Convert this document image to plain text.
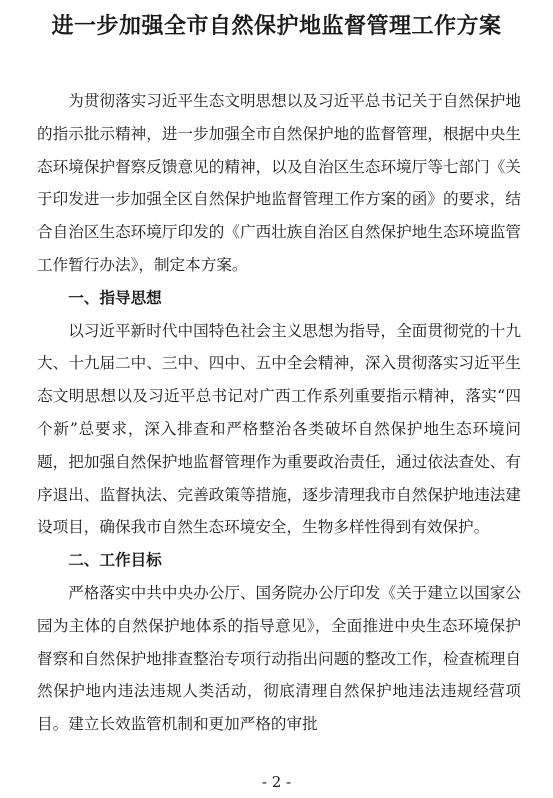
进一步加强全市自然保护地监督管理工作方案

为贯彻落实习近平生态文明思想以及习近平总书记关于自然保护地的指示批示精神，进一步加强全市自然保护地的监督管理，根据中央生态环境保护督察反馈意见的精神，以及自治区生态环境厅等七部门《关于印发进一步加强全区自然保护地监督管理工作方案的函》的要求，结合自治区生态环境厅印发的《广西壮族自治区自然保护地生态环境监管工作暂行办法》，制定本方案。

一、指导思想

以习近平新时代中国特色社会主义思想为指导，全面贯彻党的十九大、十九届二中、三中、四中、五中全会精神，深入贯彻落实习近平生态文明思想以及习近平总书记对广西工作系列重要指示精神，落实“四个新”总要求，深入排查和严格整治各类破坏自然保护地生态环境问题，把加强自然保护地监督管理作为重要政治责任，通过依法查处、有序退出、监督执法、完善政策等措施，逐步清理我市自然保护地违法建设项目，确保我市自然生态环境安全，生物多样性得到有效保护。

二、工作目标

严格落实中共中央办公厅、国务院办公厅印发《关于建立以国家公园为主体的自然保护地体系的指导意见》，全面推进中央生态环境保护督察和自然保护地排查整治专项行动指出问题的整改工作，检查梳理自然保护地内违法违规人类活动，彻底清理自然保护地违法违规经营项目。建立长效监管机制和更加严格的审批

- 2 -
